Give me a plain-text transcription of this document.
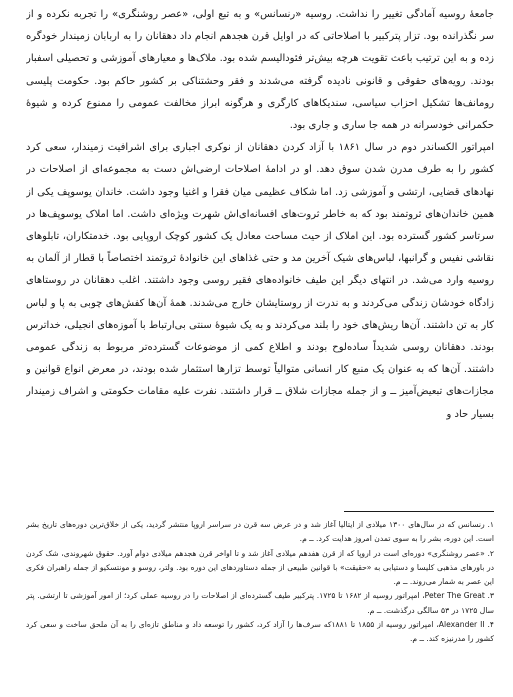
جامعهٔ روسیه آمادگی تغییر را نداشت. روسیه «رنسانس» و به تبع اولی، «عصر روشنگری» را تجربه نکرده و از سر نگذرانده بود. تزار پترکبیر با اصلاحاتی که در اوایل قرن هجدهم انجام داد دهقانان را به اربابان زمیندار خودگره زده و به این ترتیب باعث تقویت هرچه بیش‌تر فئودالیسم شده بود. ملاک‌ها و معیارهای آموزشی و تحصیلی اسفبار بودند. رویه‌های حقوقی و قانونی نادیده گرفته می‌شدند و فقر وحشتناکی بر کشور حاکم بود. حکومت پلیسی رومانف‌ها تشکیل احزاب سیاسی، سندیکاهای کارگری و هرگونه ابراز مخالفت عمومی را ممنوع کرده و شیوهٔ حکمرانی خودسرانه در همه جا ساری و جاری بود.

امپراتور الکساندر دوم در سال ۱۸۶۱ با آزاد کردن دهقانان از نوکری اجباری برای اشرافیت زمیندار، سعی کرد کشور را به طرف مدرن شدن سوق دهد. او در ادامهٔ اصلاحات ارضی‌اش دست به مجموعه‌ای از اصلاحات در نهادهای قضایی، ارتشی و آموزشی زد. اما شکاف عظیمی میان فقرا و اغنیا وجود داشت. خاندان یوسوپف یکی از همین خاندان‌های ثروتمند بود که به خاطر ثروت‌های افسانه‌ای‌اش شهرت ویژه‌ای داشت. اما املاک یوسوپف‌ها در سرتاسر کشور گسترده بود. این املاک از حیث مساحت معادل یک کشور کوچک اروپایی بود. خدمتکاران، تابلوهای نقاشی نفیس و گرانبها، لباس‌های شیک آخرین مد و حتی غذاهای این خانوادهٔ ثروتمند اختصاصاً با قطار از آلمان به روسیه وارد می‌شد. در انتهای دیگر این طیف خانواده‌های فقیر روسی وجود داشتند. اغلب دهقانان در روستاهای زادگاه خودشان زندگی می‌کردند و به ندرت از روستایشان خارج می‌شدند. همهٔ آن‌ها کفش‌های چوبی به پا و لباس کار به تن داشتند. آن‌ها ریش‌های خود را بلند می‌کردند و به یک شیوهٔ سنتی بی‌ارتباط با آموزه‌های انجیلی، خداترس بودند. دهقانان روسی شدیداً ساده‌لوح بودند و اطلاع کمی از موضوعات گسترده‌تر مربوط به زندگی عمومی داشتند. آن‌ها که به عنوان یک منبع کار انسانی متوالیاً توسط تزارها استثمار شده بودند، در معرض انواع قوانین و مجازات‌های تبعیض‌آمیز ــ و از جمله مجازات شلاق ــ قرار داشتند. نفرت علیه مقامات حکومتی و اشراف زمیندار بسیار حاد و

۱. رنسانس که در سال‌های ۱۳۰۰ میلادی از ایتالیا آغاز شد و در عرض سه قرن در سراسر اروپا منتشر گردید، یکی از خلاق‌ترین دوره‌های تاریخ بشر است. این دوره، بشر را به سوی تمدن امروز هدایت کرد. ــ م.

۲. «عصر روشنگری» دوره‌ای است در اروپا که از قرن هفدهم میلادی آغاز شد و تا اواخر قرن هجدهم میلادی دوام آورد. حقوق شهروندی، شک کردن در باورهای مذهبی کلیسا و دستیابی به «حقیقت» با قوانین طبیعی از جمله دستاوردهای این دوره بود. ولتر، روسو و مونتسکیو از جمله راهبران فکری این عصر به شمار می‌روند. ــ م.

۳. Peter The Great، امپراتور روسیه از ۱۶۸۲ تا ۱۷۲۵. پترکبیر طیف گسترده‌ای از اصلاحات را در روسیه عملی کرد؛ از امور آموزشی تا ارتشی. پتر سال ۱۷۲۵ در ۵۳ سالگی درگذشت. ــ م.

۴. Alexander II، امپراتور روسیه از ۱۸۵۵ تا ۱۸۸۱که سرف‌ها را آزاد کرد، کشور را توسعه داد و مناطق تازه‌ای را به آن ملحق ساخت و سعی کرد کشور را مدرنیزه کند. ــ م.
